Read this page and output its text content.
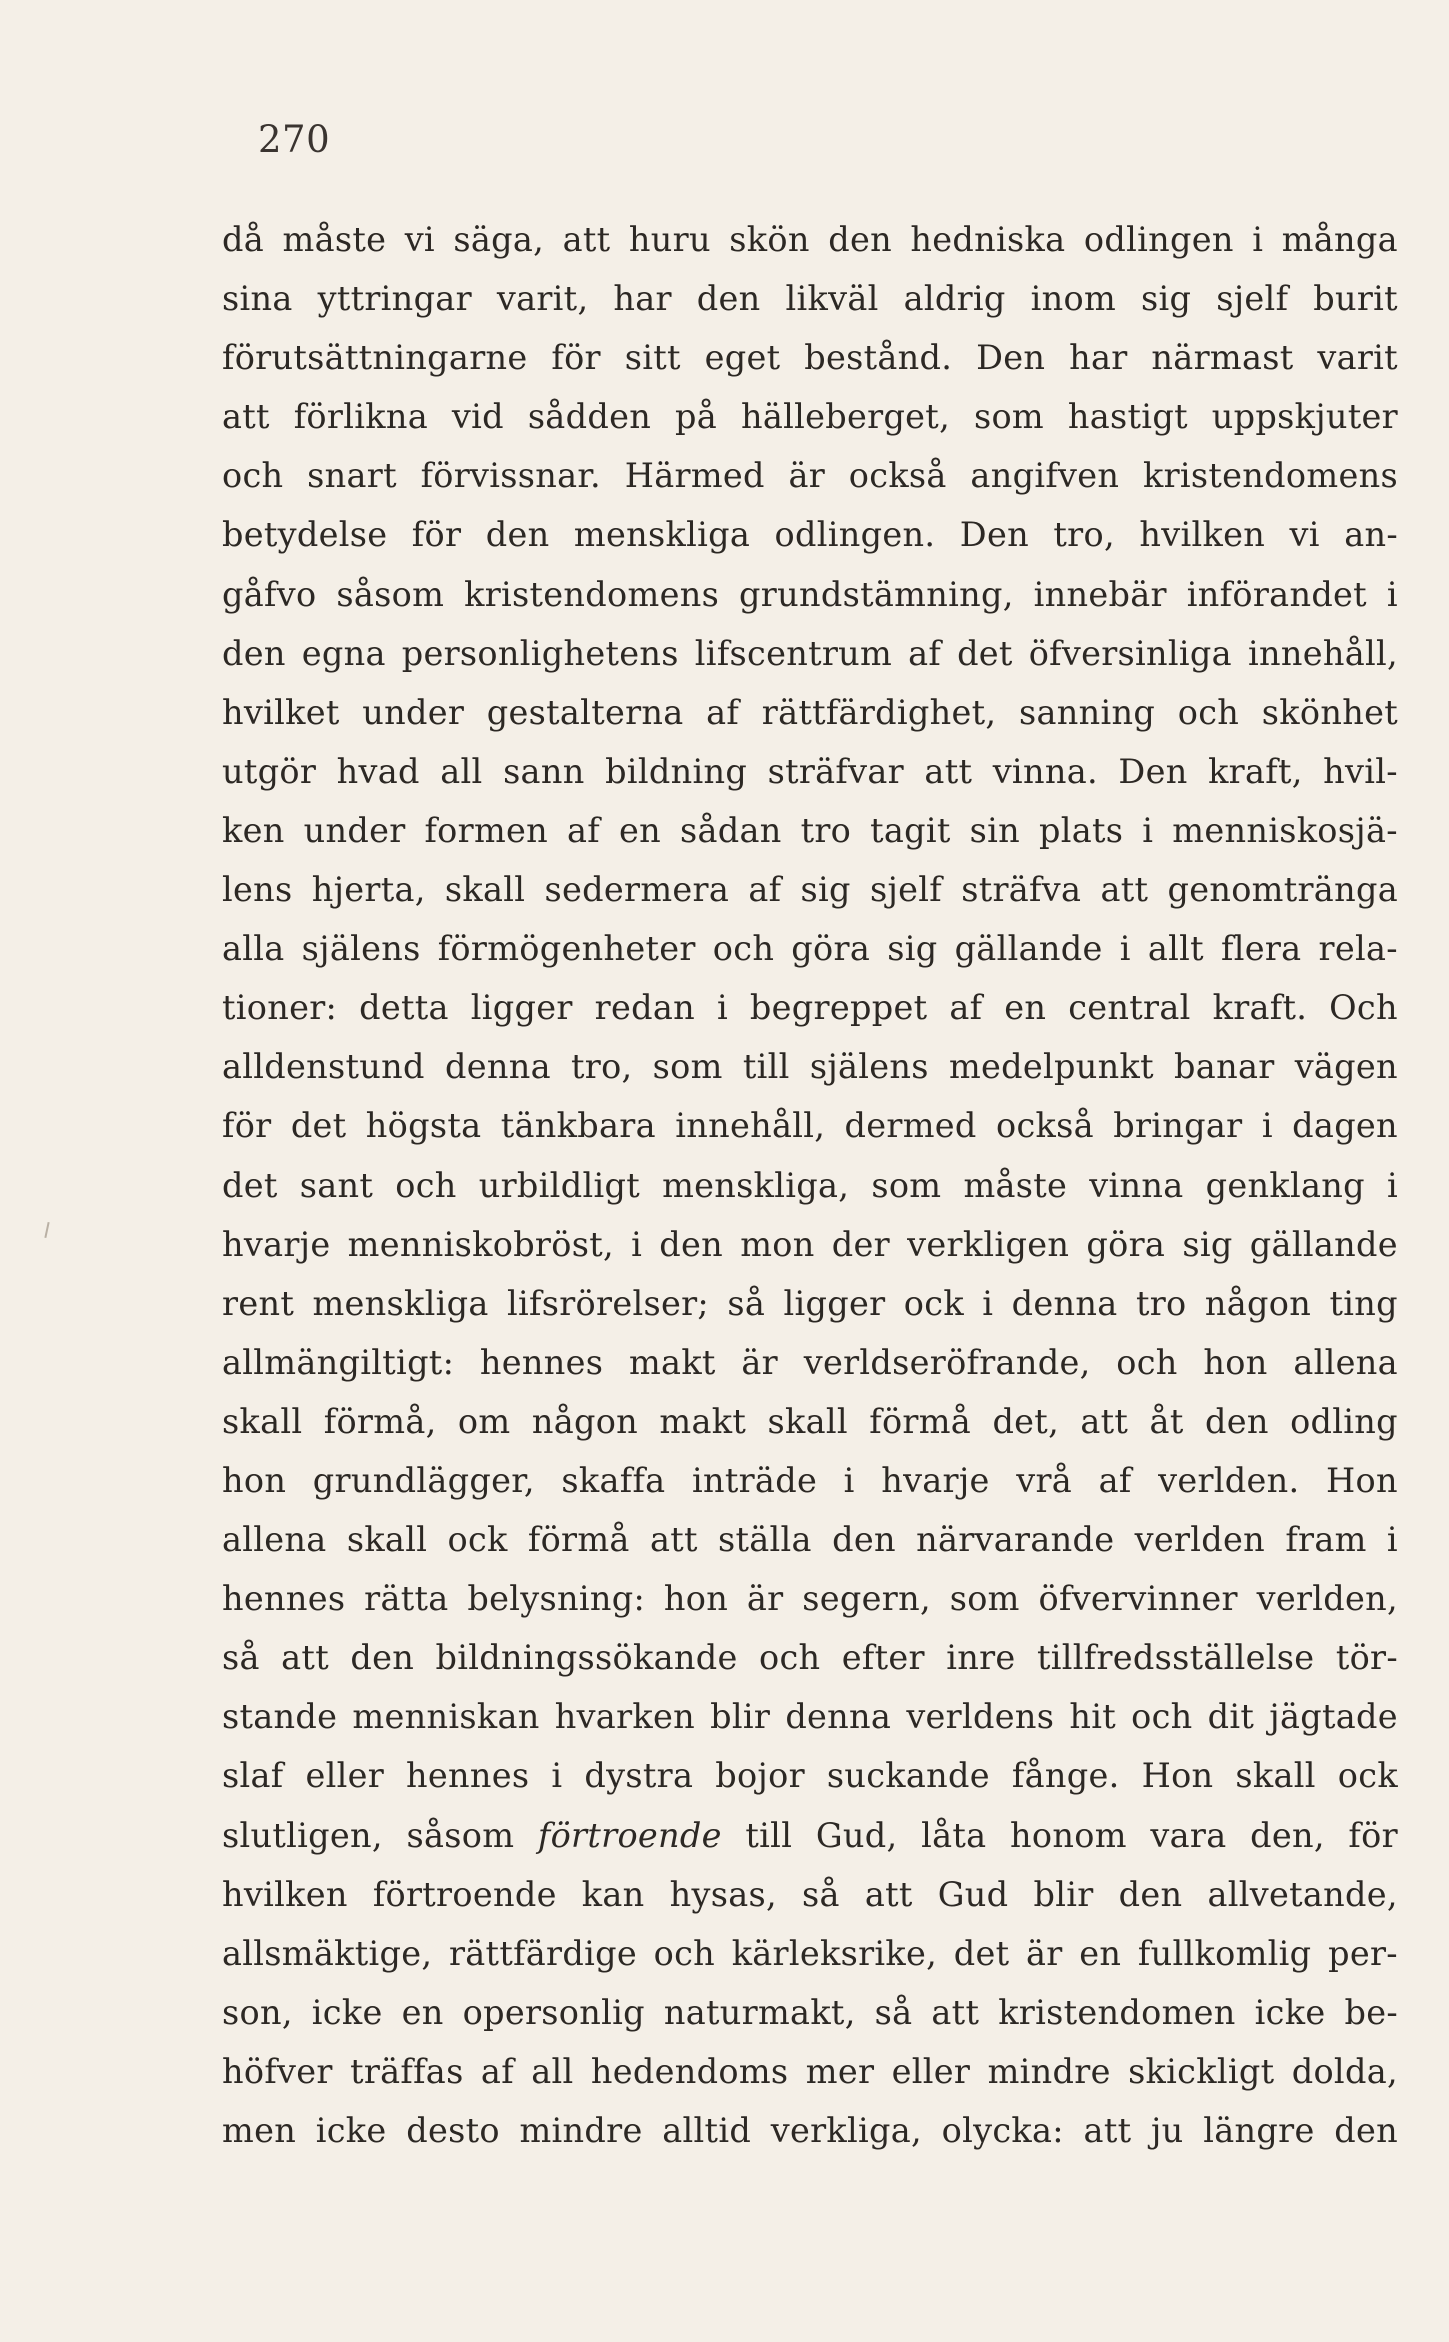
270
då måste vi säga, att huru skön den hedniska odlingen i många
sina yttringar varit, har den likväl aldrig inom sig sjelf burit
förutsättningarne för sitt eget bestånd. Den har närmast varit
att förlikna vid sådden på hälleberget, som hastigt uppskjuter
och snart förvissnar. Härmed är också angifven kristendomens
betydelse för den menskliga odlingen. Den tro, hvilken vi an-
gåfvo såsom kristendomens grundstämning, innebär införandet i
den egna personlighetens lifscentrum af det öfversinliga innehåll,
hvilket under gestalterna af rättfärdighet, sanning och skönhet
utgör hvad all sann bildning sträfvar att vinna. Den kraft, hvil-
ken under formen af en sådan tro tagit sin plats i menniskosjä-
lens hjerta, skall sedermera af sig sjelf sträfva att genomtränga
alla själens förmögenheter och göra sig gällande i allt flera rela-
tioner: detta ligger redan i begreppet af en central kraft. Och
alldenstund denna tro, som till själens medelpunkt banar vägen
för det högsta tänkbara innehåll, dermed också bringar i dagen
det sant och urbildligt menskliga, som måste vinna genklang i
hvarje menniskobröst, i den mon der verkligen göra sig gällande
rent menskliga lifsrörelser; så ligger ock i denna tro någon ting
allmängiltigt: hennes makt är verldseröfrande, och hon allena
skall förmå, om någon makt skall förmå det, att åt den odling
hon grundlägger, skaffa inträde i hvarje vrå af verlden. Hon
allena skall ock förmå att ställa den närvarande verlden fram i
hennes rätta belysning: hon är segern, som öfvervinner verlden,
så att den bildningssökande och efter inre tillfredsställelse tör-
stande menniskan hvarken blir denna verldens hit och dit jägtade
slaf eller hennes i dystra bojor suckande fånge. Hon skall ock
slutligen, såsom förtroende till Gud, låta honom vara den, för
hvilken förtroende kan hysas, så att Gud blir den allvetande,
allsmäktige, rättfärdige och kärleksrike, det är en fullkomlig per-
son, icke en opersonlig naturmakt, så att kristendomen icke be-
höfver träffas af all hedendoms mer eller mindre skickligt dolda,
men icke desto mindre alltid verkliga, olycka: att ju längre den
